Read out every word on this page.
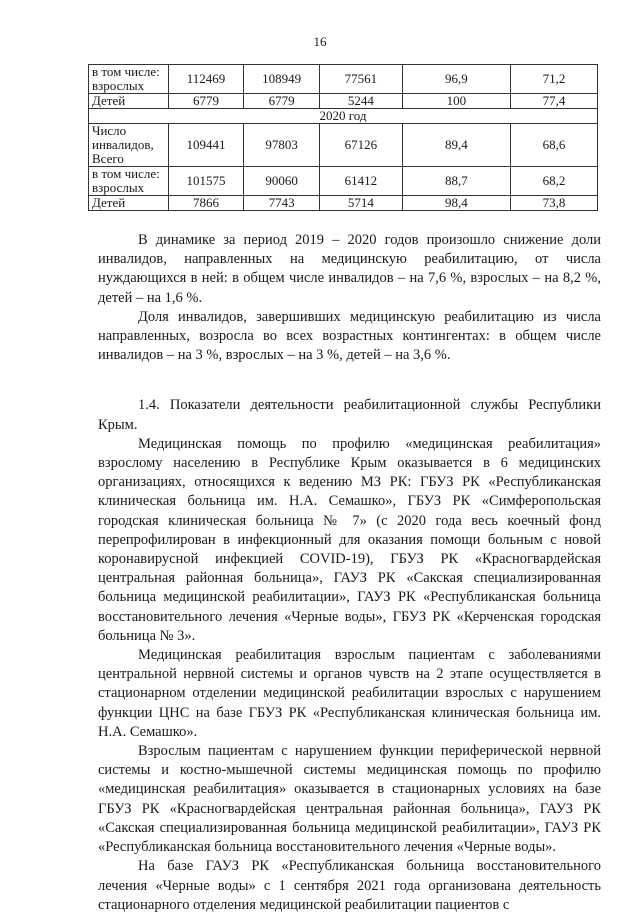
16
в том числе: взрослых	112469	108949	77561	96,9	71,2
Детей	6779	6779	5244	100	77,4
2020 год					
Число инвалидов, Всего	109441	97803	67126	89,4	68,6
в том числе: взрослых	101575	90060	61412	88,7	68,2
Детей	7866	7743	5714	98,4	73,8

В динамике за период 2019 – 2020 годов произошло снижение доли инвалидов, направленных на медицинскую реабилитацию, от числа нуждающихся в ней: в общем числе инвалидов – на 7,6 %, взрослых – на 8,2 %, детей – на 1,6 %.

Доля инвалидов, завершивших медицинскую реабилитацию из числа направленных, возросла во всех возрастных контингентах: в общем числе инвалидов – на 3 %, взрослых – на 3 %, детей – на 3,6 %.

1.4. Показатели деятельности реабилитационной службы Республики Крым.

Медицинская помощь по профилю «медицинская реабилитация» взрослому населению в Республике Крым оказывается в 6 медицинских организациях, относящихся к ведению МЗ РК: ГБУЗ РК «Республиканская клиническая больница им. Н.А. Семашко», ГБУЗ РК «Симферопольская городская клиническая больница № 7» (с 2020 года весь коечный фонд перепрофилирован в инфекционный для оказания помощи больным с новой коронавирусной инфекцией COVID-19), ГБУЗ РК «Красногвардейская центральная районная больница», ГАУЗ РК «Сакская специализированная больница медицинской реабилитации», ГАУЗ РК «Республиканская больница восстановительного лечения «Черные воды», ГБУЗ РК «Керченская городская больница № 3».

Медицинская реабилитация взрослым пациентам с заболеваниями центральной нервной системы и органов чувств на 2 этапе осуществляется в стационарном отделении медицинской реабилитации взрослых с нарушением функции ЦНС на базе ГБУЗ РК «Республиканская клиническая больница им. Н.А. Семашко».

Взрослым пациентам с нарушением функции периферической нервной системы и костно-мышечной системы медицинская помощь по профилю «медицинская реабилитация» оказывается в стационарных условиях на базе ГБУЗ РК «Красногвардейская центральная районная больница», ГАУЗ РК «Сакская специализированная больница медицинской реабилитации», ГАУЗ РК «Республиканская больница восстановительного лечения «Черные воды».

На базе ГАУЗ РК «Республиканская больница восстановительного лечения «Черные воды» с 1 сентября 2021 года организована деятельность стационарного отделения медицинской реабилитации пациентов с
